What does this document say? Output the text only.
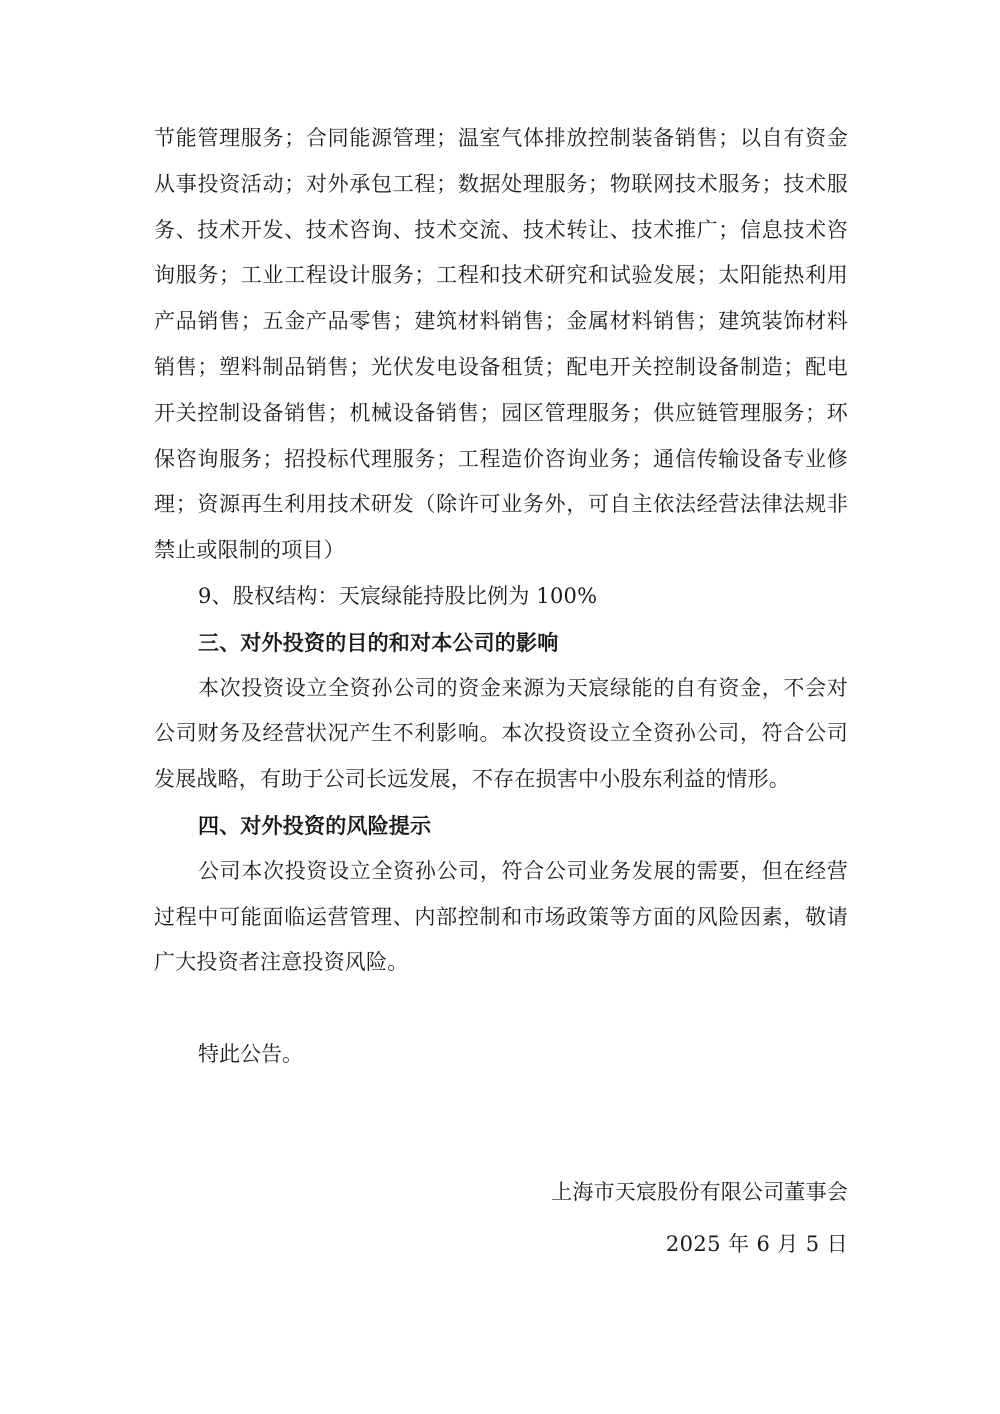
节能管理服务；合同能源管理；温室气体排放控制装备销售；以自有资金从事投资活动；对外承包工程；数据处理服务；物联网技术服务；技术服务、技术开发、技术咨询、技术交流、技术转让、技术推广；信息技术咨询服务；工业工程设计服务；工程和技术研究和试验发展；太阳能热利用产品销售；五金产品零售；建筑材料销售；金属材料销售；建筑装饰材料销售；塑料制品销售；光伏发电设备租赁；配电开关控制设备制造；配电开关控制设备销售；机械设备销售；园区管理服务；供应链管理服务；环保咨询服务；招投标代理服务；工程造价咨询业务；通信传输设备专业修理；资源再生利用技术研发（除许可业务外，可自主依法经营法律法规非禁止或限制的项目）

9、股权结构：天宸绿能持股比例为 100%

三、对外投资的目的和对本公司的影响

本次投资设立全资孙公司的资金来源为天宸绿能的自有资金，不会对公司财务及经营状况产生不利影响。本次投资设立全资孙公司，符合公司发展战略，有助于公司长远发展，不存在损害中小股东利益的情形。

四、对外投资的风险提示

公司本次投资设立全资孙公司，符合公司业务发展的需要，但在经营过程中可能面临运营管理、内部控制和市场政策等方面的风险因素，敬请广大投资者注意投资风险。

特此公告。

上海市天宸股份有限公司董事会
2025 年 6 月 5 日
